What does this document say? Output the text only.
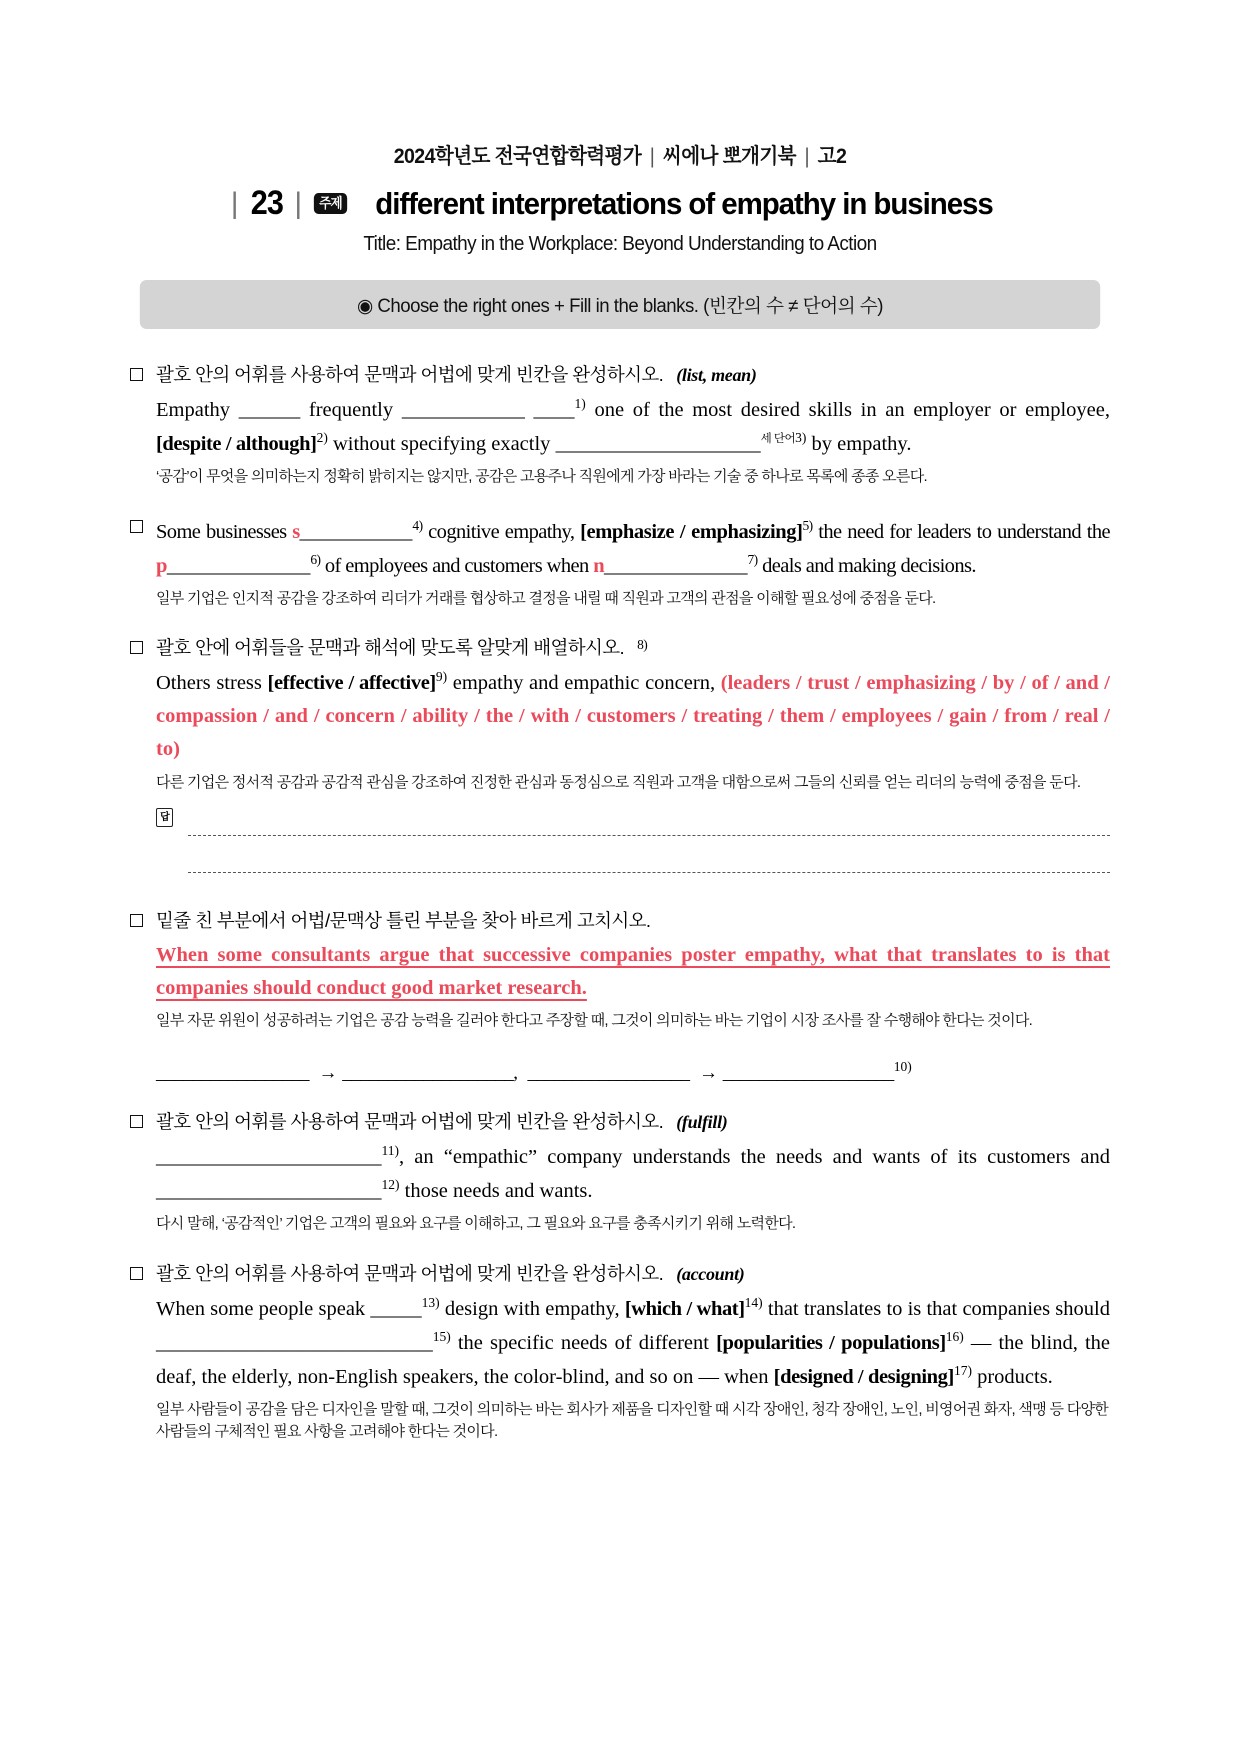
2024학년도 전국연합학력평가 | 씨에나 뽀개기북 | 고2
| 23 |	주제 different interpretations of empathy in business
Title: Empathy in the Workplace: Beyond Understanding to Action
◉ Choose the right ones + Fill in the blanks. (빈칸의 수 ≠ 단어의 수)
괄호 안의 어휘를 사용하여 문맥과 어법에 맞게 빈칸을 완성하시오. (list, mean)
Empathy ______ frequently ____________ ____$^{1)}$ one of the most desired skills in an employer or employee, [despite / although]$^{2)}$ without specifying exactly ____________________$^{세 단어3)}$ by empathy.
‘공감’이 무엇을 의미하는지 정확히 밝히지는 않지만, 공감은 고용주나 직원에게 가장 바라는 기술 중 하나로 목록에 종종 오른다.
Some businesses s___________$^{4)}$ cognitive empathy, [emphasize / emphasizing]$^{5)}$ the need for leaders to understand the p______________$^{6)}$ of employees and customers when n______________$^{7)}$ deals and making decisions.
일부 기업은 인지적 공감을 강조하여 리더가 거래를 협상하고 결정을 내릴 때 직원과 고객의 관점을 이해할 필요성에 중점을 둔다.
괄호 안에 어휘들을 문맥과 해석에 맞도록 알맞게 배열하시오. 8)
Others stress [effective / affective]$^{9)}$ empathy and empathic concern, (leaders / trust / emphasizing / by / of / and / compassion / and / concern / ability / the / with / customers / treating / them / employees / gain / from / real / to)
다른 기업은 정서적 공감과 공감적 관심을 강조하여 진정한 관심과 동정심으로 직원과 고객을 대함으로써 그들의 신뢰를 얻는 리더의 능력에 중점을 둔다.
답
밑줄 친 부분에서 어법/문맥상 틀린 부분을 찾아 바르게 고치시오.
When some consultants argue that successive companies poster empathy, what that translates to is that companies should conduct good market research.
일부 자문 위원이 성공하려는 기업은 공감 능력을 길러야 한다고 주장할 때, 그것이 의미하는 바는 기업이 시장 조사를 잘 수행해야 한다는 것이다.
_________________ → ___________________, __________________ → ___________________$^{10)}$
괄호 안의 어휘를 사용하여 문맥과 어법에 맞게 빈칸을 완성하시오. (fulfill)
______________________$^{11)}$, an “empathic” company understands the needs and wants of its customers and ______________________$^{12)}$ those needs and wants.
다시 말해, ‘공감적인’ 기업은 고객의 필요와 요구를 이해하고, 그 필요와 요구를 충족시키기 위해 노력한다.
괄호 안의 어휘를 사용하여 문맥과 어법에 맞게 빈칸을 완성하시오. (account)
When some people speak _____$^{13)}$ design with empathy, [which / what]$^{14)}$ that translates to is that companies should ___________________________$^{15)}$ the specific needs of different [popularities / populations]$^{16)}$ — the blind, the deaf, the elderly, non-English speakers, the color-blind, and so on — when [designed / designing]$^{17)}$ products.
일부 사람들이 공감을 담은 디자인을 말할 때, 그것이 의미하는 바는 회사가 제품을 디자인할 때 시각 장애인, 청각 장애인, 노인, 비영어권 화자, 색맹 등 다양한 사람들의 구체적인 필요 사항을 고려해야 한다는 것이다.
